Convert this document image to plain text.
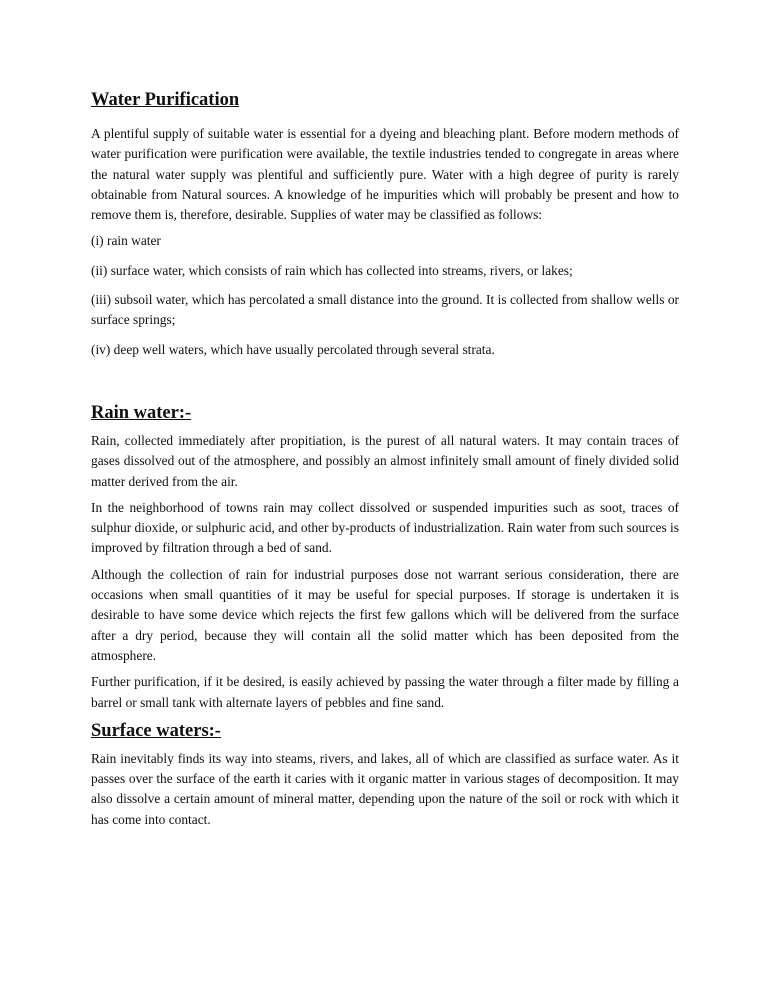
Water Purification

A plentiful supply of suitable water is essential for a dyeing and bleaching plant. Before modern methods of water purification were purification were available, the textile industries tended to congregate in areas where the natural water supply was plentiful and sufficiently pure. Water with a high degree of purity is rarely obtainable from Natural sources. A knowledge of he impurities which will probably be present and how to remove them is, therefore, desirable. Supplies of water may be classified as follows:

(i) rain water

(ii) surface water, which consists of rain which has collected into streams, rivers, or lakes;

(iii) subsoil water, which has percolated a small distance into the ground. It is collected from shallow wells or surface springs;

(iv) deep well waters, which have usually percolated through several strata.

Rain water:-

Rain, collected immediately after propitiation, is the purest of all natural waters. It may contain traces of gases dissolved out of the atmosphere, and possibly an almost infinitely small amount of finely divided solid matter derived from the air.

In the neighborhood of towns rain may collect dissolved or suspended impurities such as soot, traces of sulphur dioxide, or sulphuric acid, and other by-products of industrialization. Rain water from such sources is improved by filtration through a bed of sand.

Although the collection of rain for industrial purposes dose not warrant serious consideration, there are occasions when small quantities of it may be useful for special purposes. If storage is undertaken it is desirable to have some device which rejects the first few gallons which will be delivered from the surface after a dry period, because they will contain all the solid matter which has been deposited from the atmosphere.

Further purification, if it be desired, is easily achieved by passing the water through a filter made by filling a barrel or small tank with alternate layers of pebbles and fine sand.

Surface waters:-

Rain inevitably finds its way into steams, rivers, and lakes, all of which are classified as surface water. As it passes over the surface of the earth it caries with it organic matter in various stages of decomposition. It may also dissolve a certain amount of mineral matter, depending upon the nature of the soil or rock with which it has come into contact.
